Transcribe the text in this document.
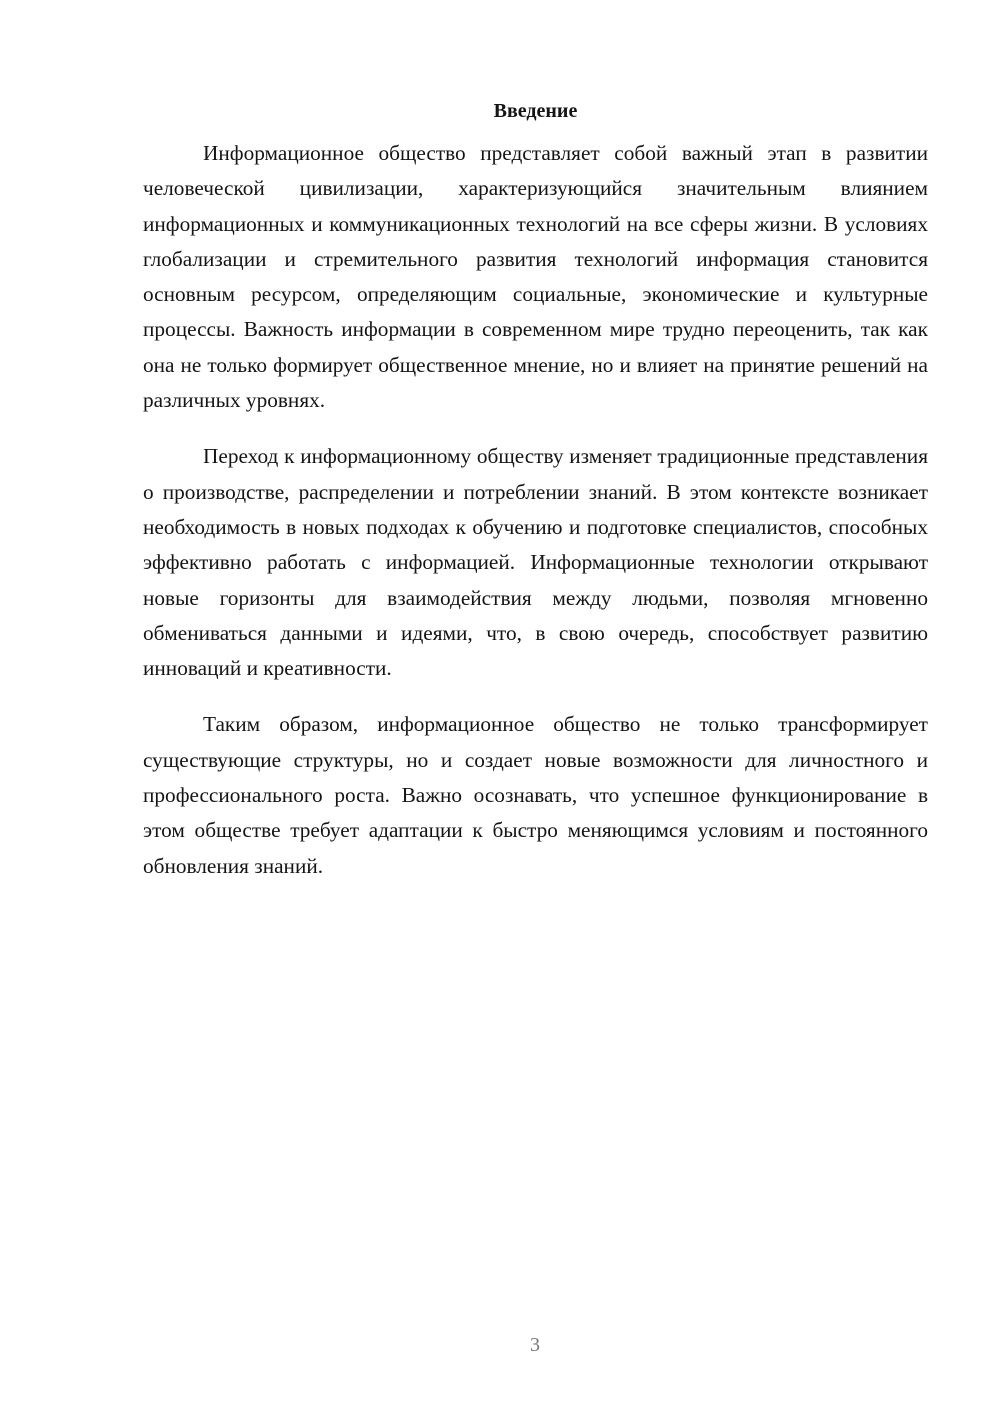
Введение

Информационное общество представляет собой важный этап в развитии человеческой цивилизации, характеризующийся значительным влиянием информационных и коммуникационных технологий на все сферы жизни. В условиях глобализации и стремительного развития технологий информация становится основным ресурсом, определяющим социальные, экономические и культурные процессы. Важность информации в современном мире трудно переоценить, так как она не только формирует общественное мнение, но и влияет на принятие решений на различных уровнях.

Переход к информационному обществу изменяет традиционные представления о производстве, распределении и потреблении знаний. В этом контексте возникает необходимость в новых подходах к обучению и подготовке специалистов, способных эффективно работать с информацией. Информационные технологии открывают новые горизонты для взаимодействия между людьми, позволяя мгновенно обмениваться данными и идеями, что, в свою очередь, способствует развитию инноваций и креативности.

Таким образом, информационное общество не только трансформирует существующие структуры, но и создает новые возможности для личностного и профессионального роста. Важно осознавать, что успешное функционирование в этом обществе требует адаптации к быстро меняющимся условиям и постоянного обновления знаний.

3
